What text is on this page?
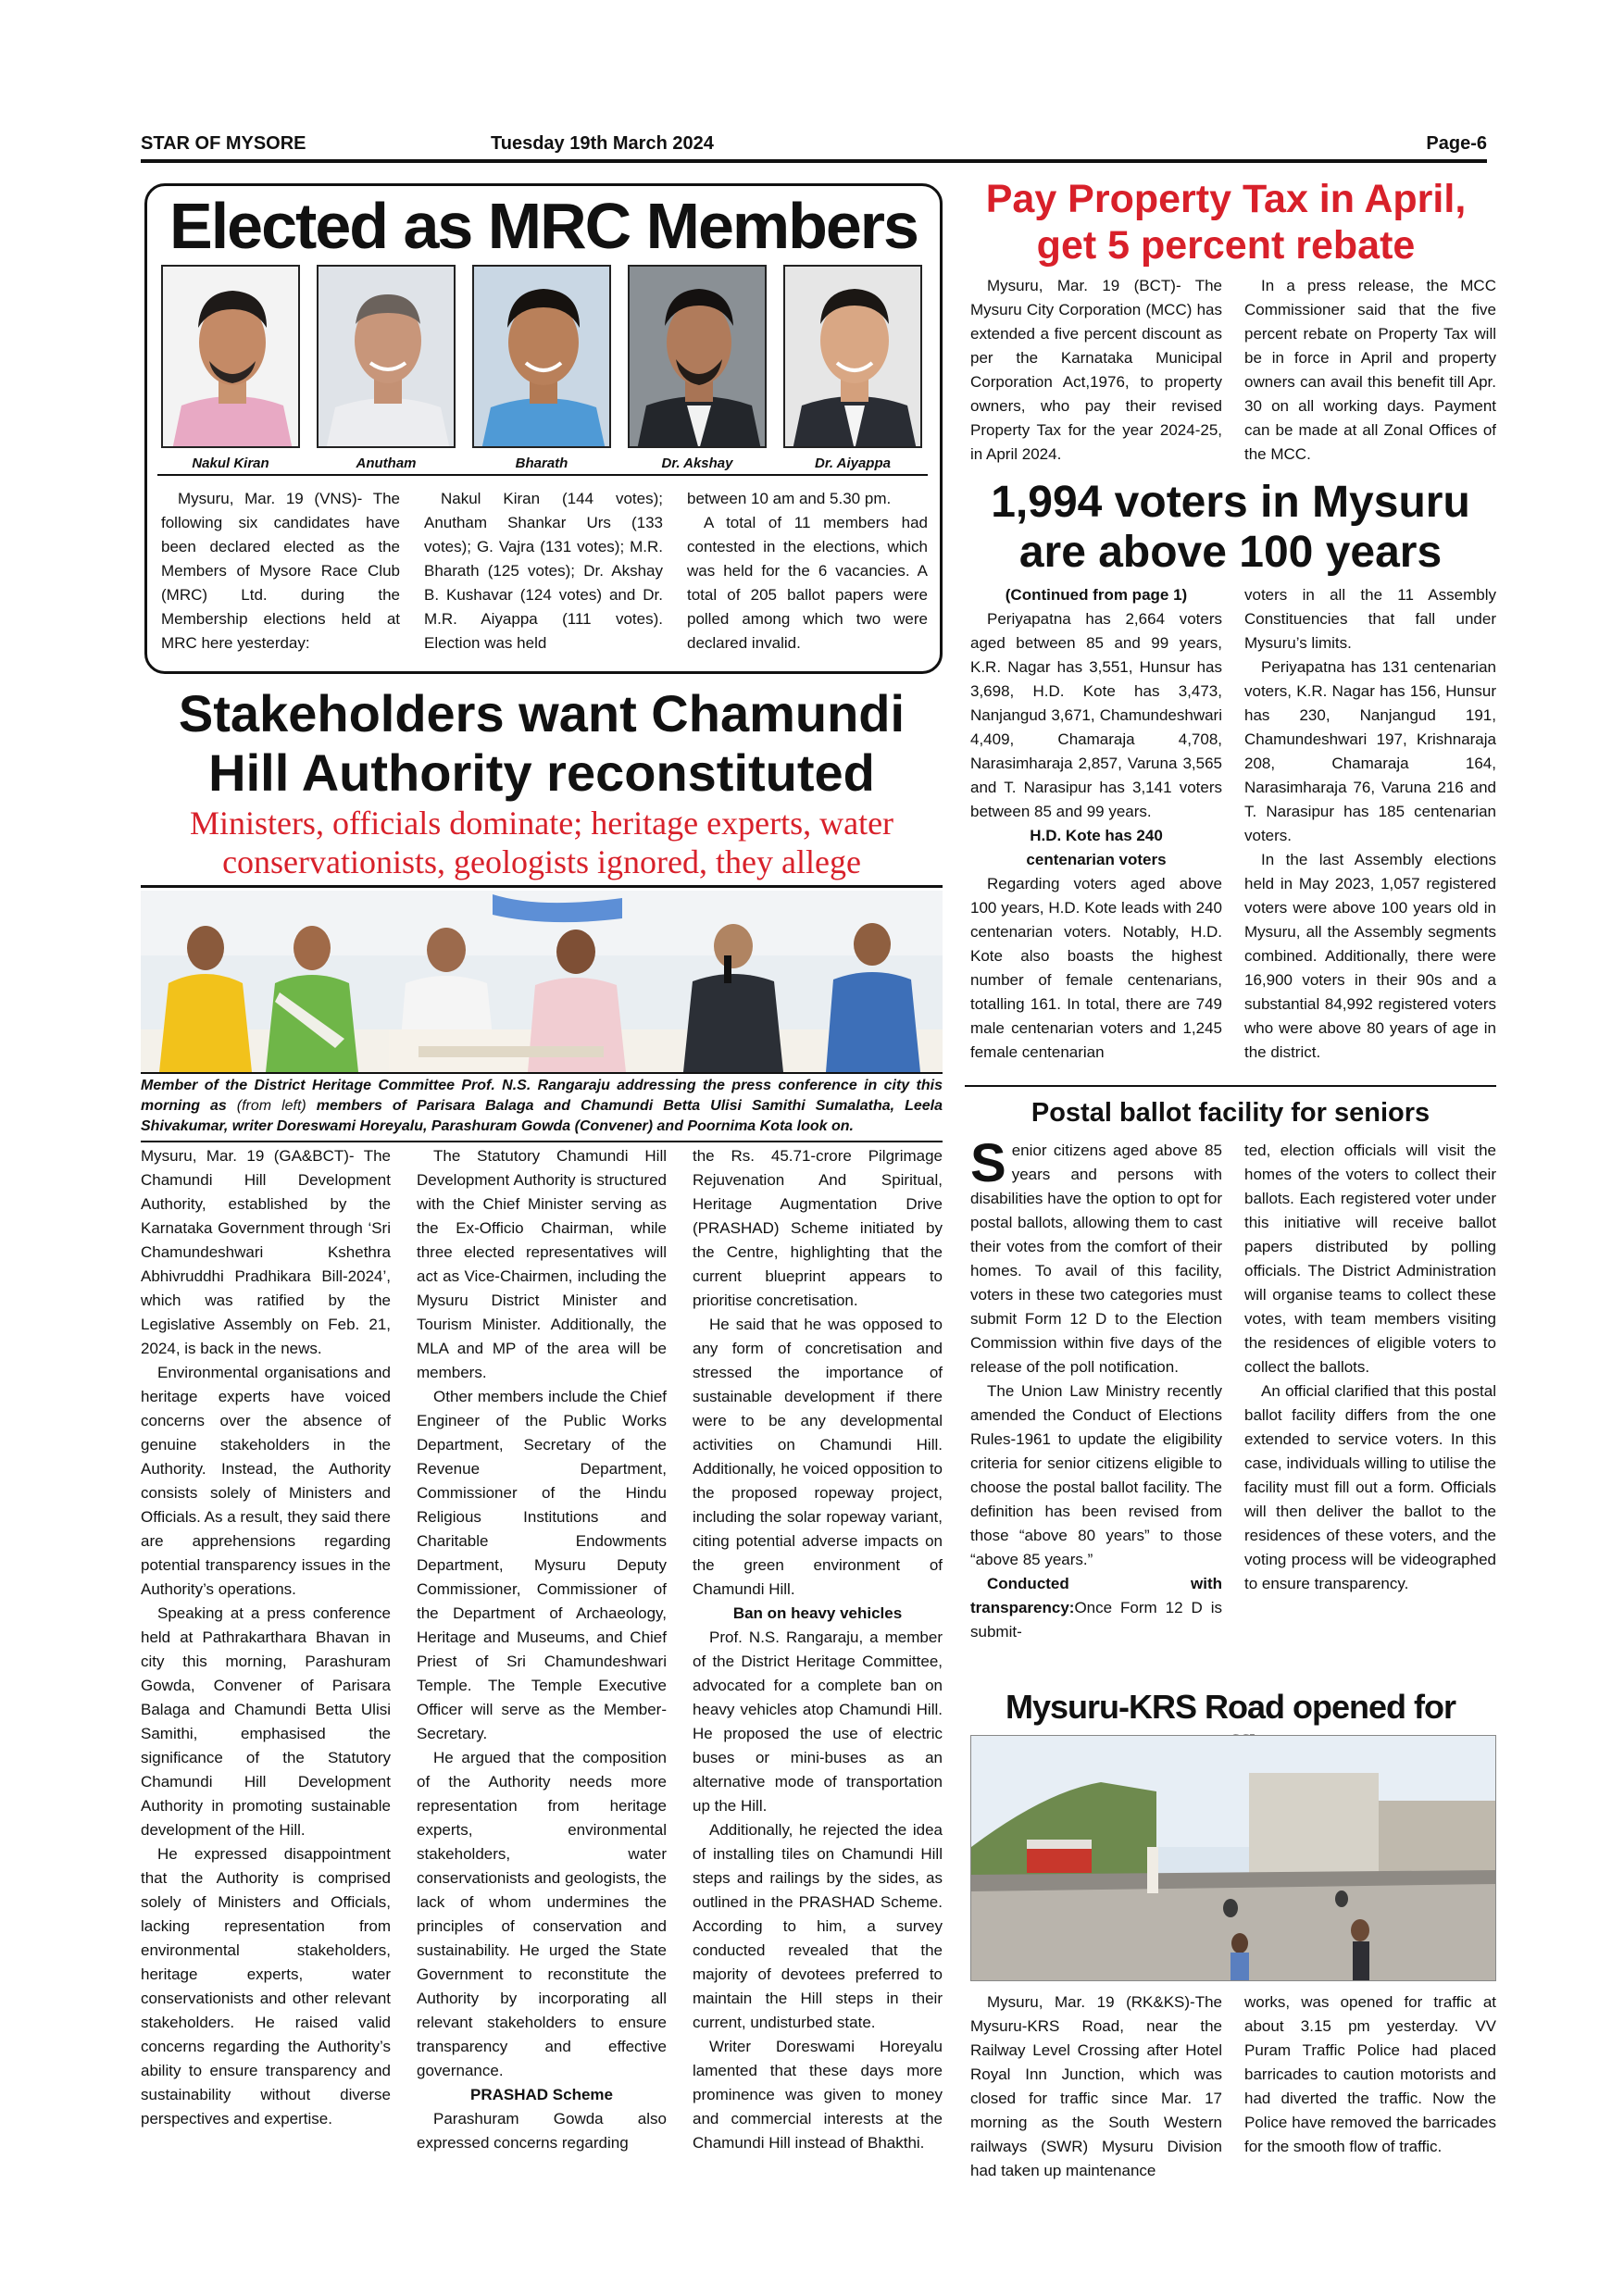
STAR OF MYSORE	Tuesday 19th March 2024	Page-6
Elected as MRC Members
Nakul Kiran	Anutham	Bharath	Dr. Akshay	Dr. Aiyappa

Mysuru, Mar. 19 (VNS)- The following six candidates have been declared elected as the Members of Mysore Race Club (MRC) Ltd. during the Membership elections held at MRC here yesterday:

Nakul Kiran (144 votes); Anutham Shankar Urs (133 votes); G. Vajra (131 votes); M.R. Bharath (125 votes); Dr. Akshay B. Kushavar (124 votes) and Dr. M.R. Aiyappa (111 votes). Election was held

between 10 am and 5.30 pm.

A total of 11 members had contested in the elections, which was held for the 6 vacancies. A total of 205 ballot papers were polled among which two were declared invalid.

Stakeholders want Chamundi
Hill Authority reconstituted
Ministers, officials dominate; heritage experts, water
conservationists, geologists ignored, they allege
Member of the District Heritage Committee Prof. N.S. Rangaraju addressing the press conference in city this morning as (from left) members of Parisara Balaga and Chamundi Betta Ulisi Samithi Sumalatha, Leela Shivakumar, writer Doreswami Horeyalu, Parashuram Gowda (Convener) and Poornima Kota look on.

Mysuru, Mar. 19 (GA&BCT)- The Chamundi Hill Development Authority, established by the Karnataka Government through ‘Sri Chamundeshwari Kshethra Abhivruddhi Pradhikara Bill-2024’, which was ratified by the Legislative Assembly on Feb. 21, 2024, is back in the news.

Environmental organisations and heritage experts have voiced concerns over the absence of genuine stakeholders in the Authority. Instead, the Authority consists solely of Ministers and Officials. As a result, they said there are apprehensions regarding potential transparency issues in the Authority’s operations.

Speaking at a press conference held at Pathrakarthara Bhavan in city this morning, Parashuram Gowda, Convener of Parisara Balaga and Chamundi Betta Ulisi Samithi, emphasised the significance of the Statutory Chamundi Hill Development Authority in promoting sustainable development of the Hill.

He expressed disappointment that the Authority is comprised solely of Ministers and Officials, lacking representation from environmental stakeholders, heritage experts, water conservationists and other relevant stakeholders. He raised valid concerns regarding the Authority’s ability to ensure transparency and sustainability without diverse perspectives and expertise.

The Statutory Chamundi Hill Development Authority is structured with the Chief Minister serving as the Ex-Officio Chairman, while three elected representatives will act as Vice-Chairmen, including the Mysuru District Minister and Tourism Minister. Additionally, the MLA and MP of the area will be members.

Other members include the Chief Engineer of the Public Works Department, Secretary of the Revenue Department, Commissioner of the Hindu Religious Institutions and Charitable Endowments Department, Mysuru Deputy Commissioner, Commissioner of the Department of Archaeology, Heritage and Museums, and Chief Priest of Sri Chamundeshwari Temple. The Temple Executive Officer will serve as the Member-Secretary.

He argued that the composition of the Authority needs more representation from heritage experts, environmental stakeholders, water conservationists and geologists, the lack of whom undermines the principles of conservation and sustainability. He urged the State Government to reconstitute the Authority by incorporating all relevant stakeholders to ensure transparency and effective governance.

PRASHAD Scheme

Parashuram Gowda also expressed concerns regarding

the Rs. 45.71-crore Pilgrimage Rejuvenation And Spiritual, Heritage Augmentation Drive (PRASHAD) Scheme initiated by the Centre, highlighting that the current blueprint appears to prioritise concretisation.

He said that he was opposed to any form of concretisation and stressed the importance of sustainable development if there were to be any developmental activities on Chamundi Hill. Additionally, he voiced opposition to the proposed ropeway project, including the solar ropeway variant, citing potential adverse impacts on the green environment of Chamundi Hill.

Ban on heavy vehicles

Prof. N.S. Rangaraju, a member of the District Heritage Committee, advocated for a complete ban on heavy vehicles atop Chamundi Hill. He proposed the use of electric buses or mini-buses as an alternative mode of transportation up the Hill.

Additionally, he rejected the idea of installing tiles on Chamundi Hill steps and railings by the sides, as outlined in the PRASHAD Scheme. According to him, a survey conducted revealed that the majority of devotees preferred to maintain the Hill steps in their current, undisturbed state.

Writer Doreswami Horeyalu lamented that these days more prominence was given to money and commercial interests at the Chamundi Hill instead of Bhakthi.

Pay Property Tax in April,
get 5 percent rebate

Mysuru, Mar. 19 (BCT)- The Mysuru City Corporation (MCC) has extended a five percent discount as per the Karnataka Municipal Corporation Act,1976, to property owners, who pay their revised Property Tax for the year 2024-25, in April 2024.

In a press release, the MCC Commissioner said that the five percent rebate on Property Tax will be in force in April and property owners can avail this benefit till Apr. 30 on all working days. Payment can be made at all Zonal Offices of the MCC.

1,994 voters in Mysuru
are above 100 years

(Continued from page 1)

Periyapatna has 2,664 voters aged between 85 and 99 years, K.R. Nagar has 3,551, Hunsur has 3,698, H.D. Kote has 3,473, Nanjangud 3,671, Chamundeshwari 4,409, Chamaraja 4,708, Narasimharaja 2,857, Varuna 3,565 and T. Narasipur has 3,141 voters between 85 and 99 years.

H.D. Kote has 240

centenarian voters

Regarding voters aged above 100 years, H.D. Kote leads with 240 centenarian voters. Notably, H.D. Kote also boasts the highest number of female centenarians, totalling 161. In total, there are 749 male centenarian voters and 1,245 female centenarian

voters in all the 11 Assembly Constituencies that fall under Mysuru’s limits.

Periyapatna has 131 centenarian voters, K.R. Nagar has 156, Hunsur has 230, Nanjangud 191, Chamundeshwari 197, Krishnaraja 208, Chamaraja 164, Narasimharaja 76, Varuna 216 and T. Narasipur has 185 centenarian voters.

In the last Assembly elections held in May 2023, 1,057 registered voters were above 100 years old in Mysuru, all the Assembly segments combined. Additionally, there were 16,900 voters in their 90s and a substantial 84,992 registered voters who were above 80 years of age in the district.

Postal ballot facility for seniors

Senior citizens aged above 85 years and persons with disabilities have the option to opt for postal ballots, allowing them to cast their votes from the comfort of their homes. To avail of this facility, voters in these two categories must submit Form 12 D to the Election Commission within five days of the release of the poll notification.

The Union Law Ministry recently amended the Conduct of Elections Rules-1961 to update the eligibility criteria for senior citizens eligible to choose the postal ballot facility. The definition has been revised from those “above 80 years” to those “above 85 years.”

Conducted with transparency:Once Form 12 D is submit-

ted, election officials will visit the homes of the voters to collect their ballots. Each registered voter under this initiative will receive ballot papers distributed by polling officials. The District Administration will organise teams to collect these votes, with team members visiting the residences of eligible voters to collect the ballots.

An official clarified that this postal ballot facility differs from the one extended to service voters. In this case, individuals willing to utilise the facility must fill out a form. Officials will then deliver the ballot to the residences of these voters, and the voting process will be videographed to ensure transparency.

Mysuru-KRS Road opened for

Mysuru, Mar. 19 (RK&KS)-The Mysuru-KRS Road, near the Railway Level Crossing after Hotel Royal Inn Junction, which was closed for traffic since Mar. 17 morning as the South Western railways (SWR) Mysuru Division had taken up maintenance

works, was opened for traffic at about 3.15 pm yesterday. VV Puram Traffic Police had placed barricades to caution motorists and had diverted the traffic. Now the Police have removed the barricades for the smooth flow of traffic.
